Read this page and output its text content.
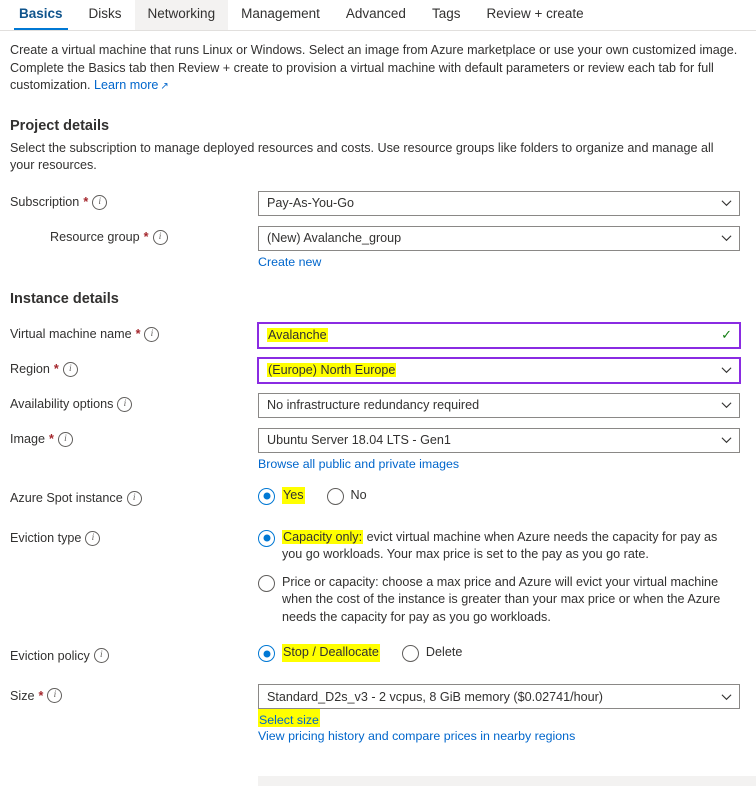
Basics	Disks	Networking	Management	Advanced	Tags	Review + create
Create a virtual machine that runs Linux or Windows. Select an image from Azure marketplace or use your own customized image. Complete the Basics tab then Review + create to provision a virtual machine with default parameters or review each tab for full customization. Learn more ↗
Project details
Select the subscription to manage deployed resources and costs. Use resource groups like folders to organize and manage all your resources.
Subscription *	i	Pay-As-You-Go
Resource group *	i	(New) Avalanche_group
Create new
Instance details
Virtual machine name *	i	Avalanche	✓
Region *	i	(Europe) North Europe
Availability options	i	No infrastructure redundancy required
Image *	i	Ubuntu Server 18.04 LTS - Gen1
Browse all public and private images
Azure Spot instance	i	Yes	No
Eviction type	i	Capacity only: evict virtual machine when Azure needs the capacity for pay as you go workloads. Your max price is set to the pay as you go rate.
Price or capacity: choose a max price and Azure will evict your virtual machine when the cost of the instance is greater than your max price or when the Azure needs the capacity for pay as you go workloads.
Eviction policy	i	Stop / Deallocate	Delete
Size *	i	Standard_D2s_v3 - 2 vcpus, 8 GiB memory ($0.02741/hour)
Select size
View pricing history and compare prices in nearby regions
